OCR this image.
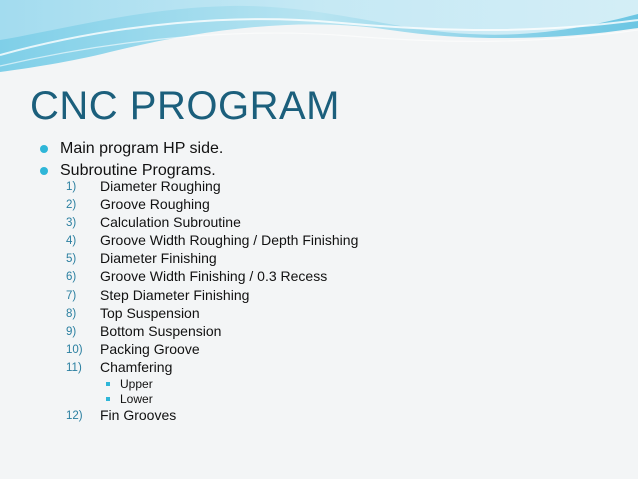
CNC PROGRAM
Main program HP side.
Subroutine Programs.
1)	Diameter Roughing
2)	Groove Roughing
3)	Calculation Subroutine
4)	Groove Width Roughing / Depth Finishing
5)	Diameter Finishing
6)	Groove Width Finishing / 0.3 Recess
7)	Step Diameter Finishing
8)	Top Suspension
9)	Bottom Suspension
10)	Packing Groove
11)	Chamfering
Upper
Lower
12)	Fin Grooves
